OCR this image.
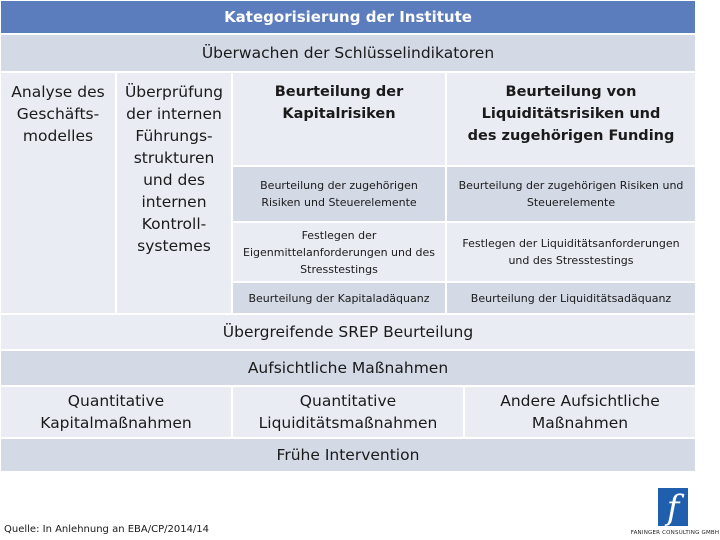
Kategorisierung der Institute
Überwachen der Schlüsselindikatoren
Analyse des Geschäfts-modelles
Überprüfung der internen Führungs-strukturen und des internen Kontroll-systemes
Beurteilung der Kapitalrisiken
Beurteilung von Liquiditätsrisiken und des zugehörigen Funding
Beurteilung der zugehörigen Risiken und Steuerelemente
Festlegen der Eigenmittelanforderungen und des Stresstestings
Beurteilung der Kapitaladäquanz
Beurteilung der zugehörigen Risiken und Steuerelemente
Festlegen der Liquiditätsanforderungen und des Stresstestings
Beurteilung der Liquiditätsadäquanz
Übergreifende SREP Beurteilung
Aufsichtliche Maßnahmen
Quantitative Kapitalmaßnahmen
Quantitative Liquiditätsmaßnahmen
Andere Aufsichtliche Maßnahmen
Frühe Intervention
Quelle: In Anlehnung an EBA/CP/2014/14
f
FANINGER CONSULTING GMBH
